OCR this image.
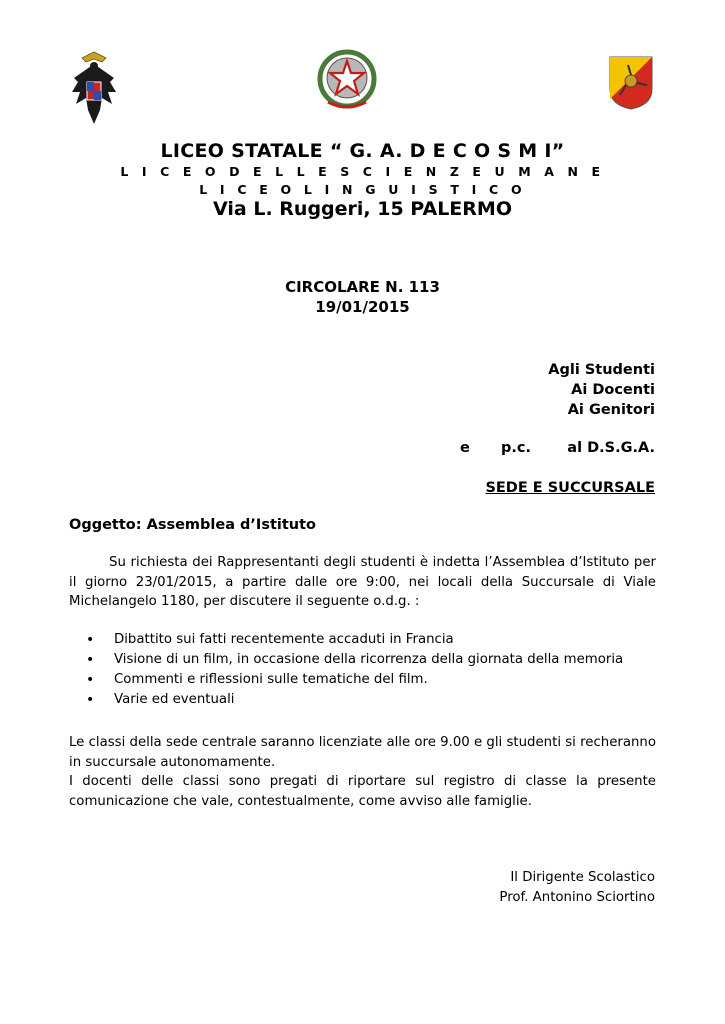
LICEO STATALE “ G. A. D E C O S M I”
L I C E O D E L L E S C I E N Z E U M A N E
L I C E O L I N G U I S T I C O
Via L. Ruggeri, 15 PALERMO
CIRCOLARE N. 113
19/01/2015
Agli Studenti
Ai Docenti
Ai Genitori
e p.c.	al D.S.G.A.
SEDE E SUCCURSALE
Oggetto: Assemblea d’Istituto
Su richiesta dei Rappresentanti degli studenti è indetta l’Assemblea d’Istituto per il giorno 23/01/2015, a partire dalle ore 9:00, nei locali della Succursale di Viale Michelangelo 1180, per discutere il seguente o.d.g. :
• Dibattito sui fatti recentemente accaduti in Francia
• Visione di un film, in occasione della ricorrenza della giornata della memoria
• Commenti e riflessioni sulle tematiche del film.
• Varie ed eventuali
Le classi della sede centrale saranno licenziate alle ore 9.00 e gli studenti si recheranno in succursale autonomamente.
I docenti delle classi sono pregati di riportare sul registro di classe la presente comunicazione che vale, contestualmente, come avviso alle famiglie.
Il Dirigente Scolastico
Prof. Antonino Sciortino
